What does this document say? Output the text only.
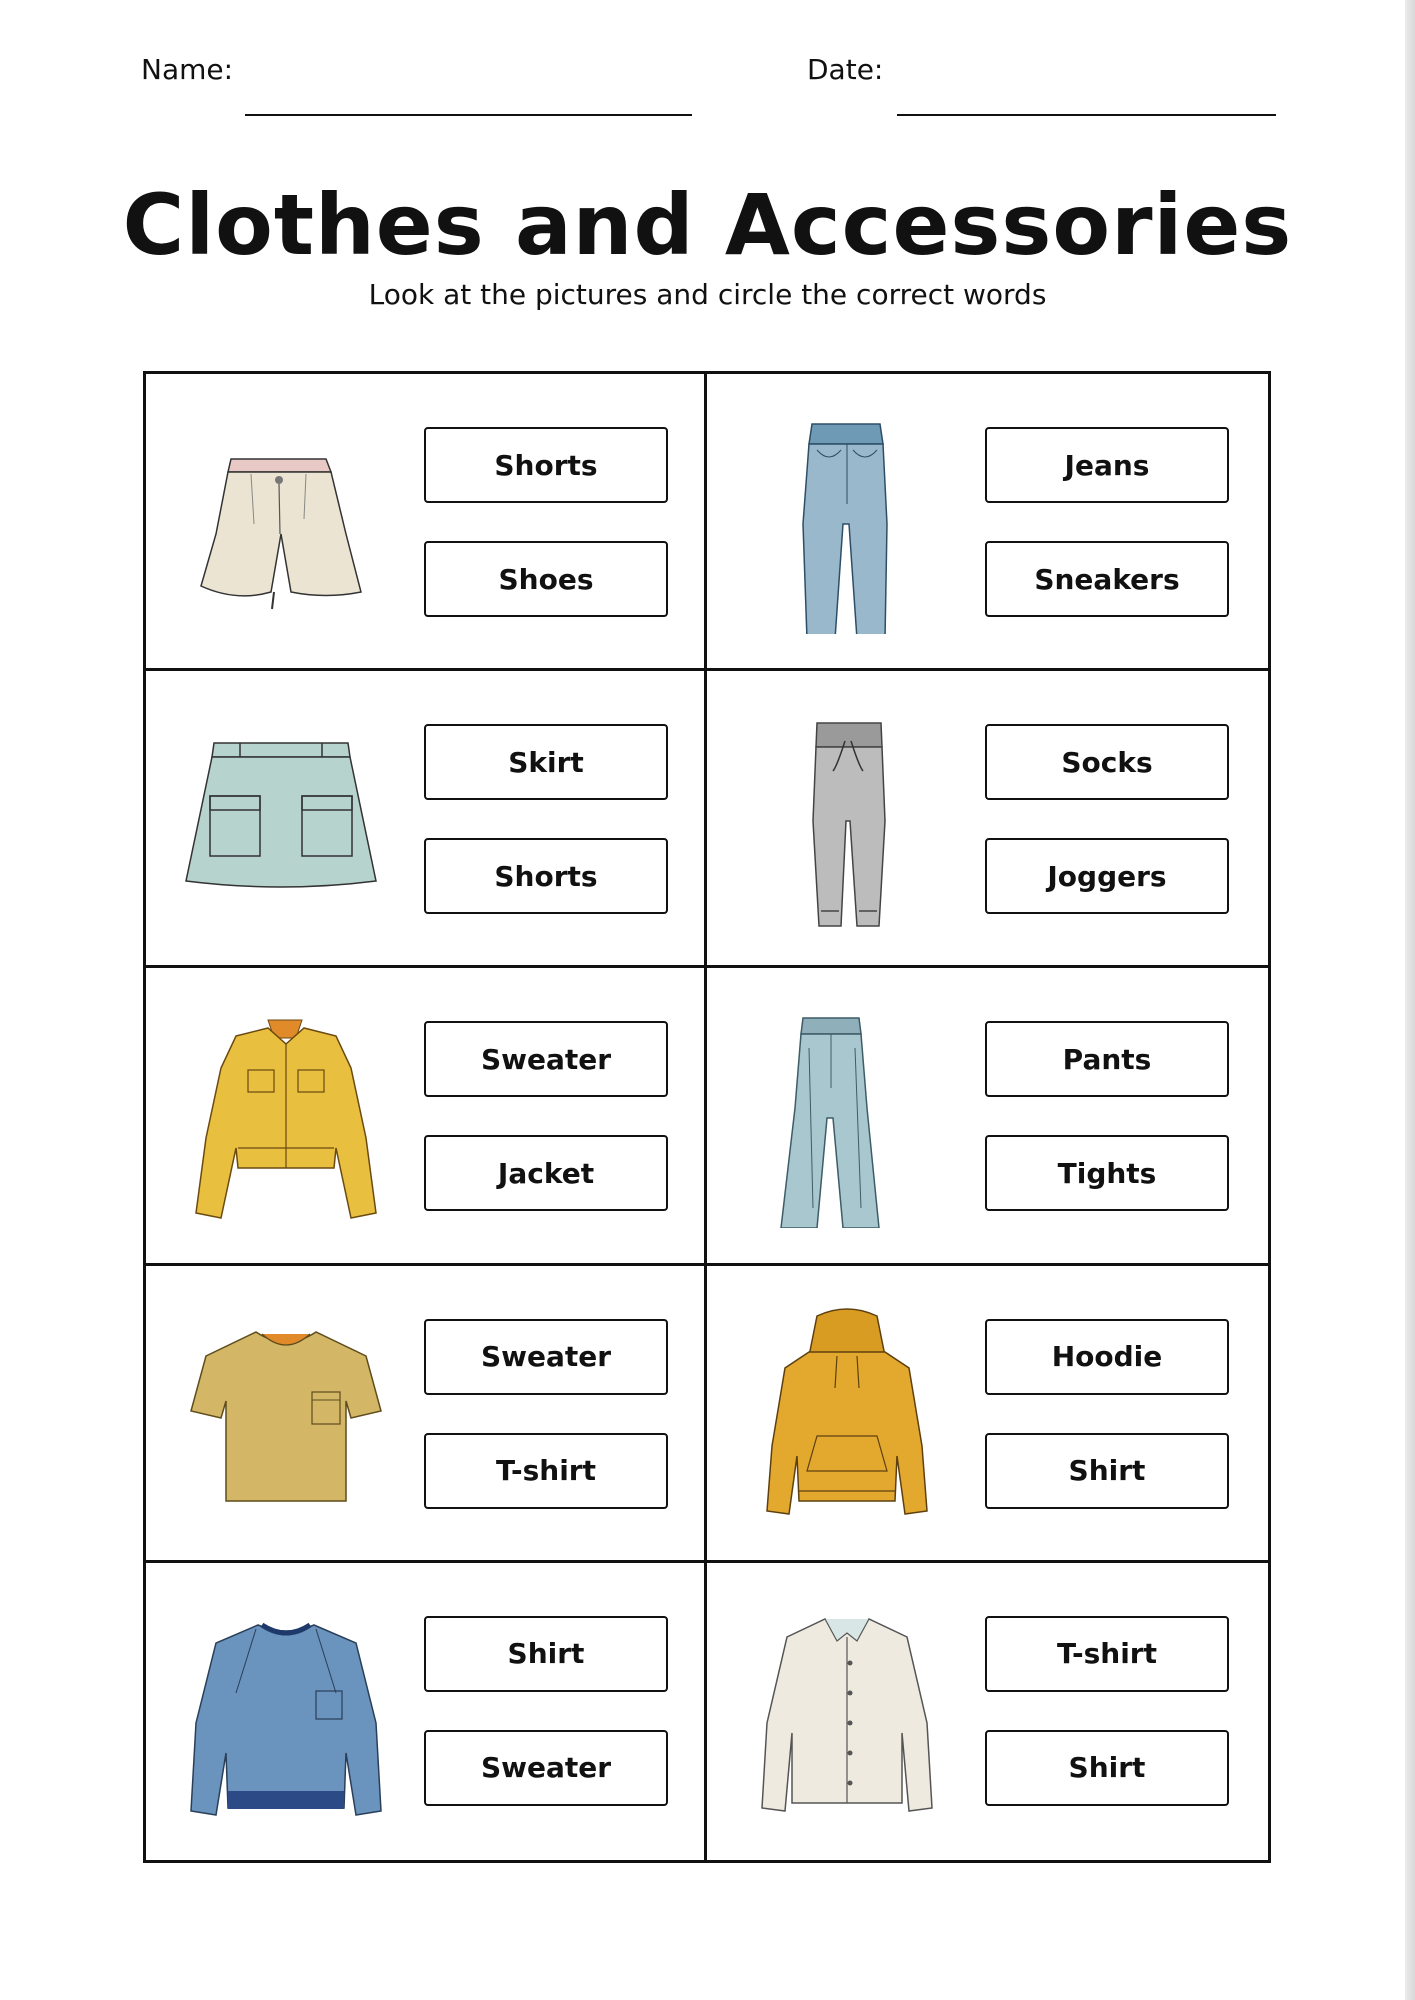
Name:	Date:
Clothes and Accessories
Look at the pictures and circle the correct words
Shorts
Shoes
Jeans
Sneakers
Skirt
Shorts
Socks
Joggers
Sweater
Jacket
Pants
Tights
Sweater
T-shirt
Hoodie
Shirt
Shirt
Sweater
T-shirt
Shirt
